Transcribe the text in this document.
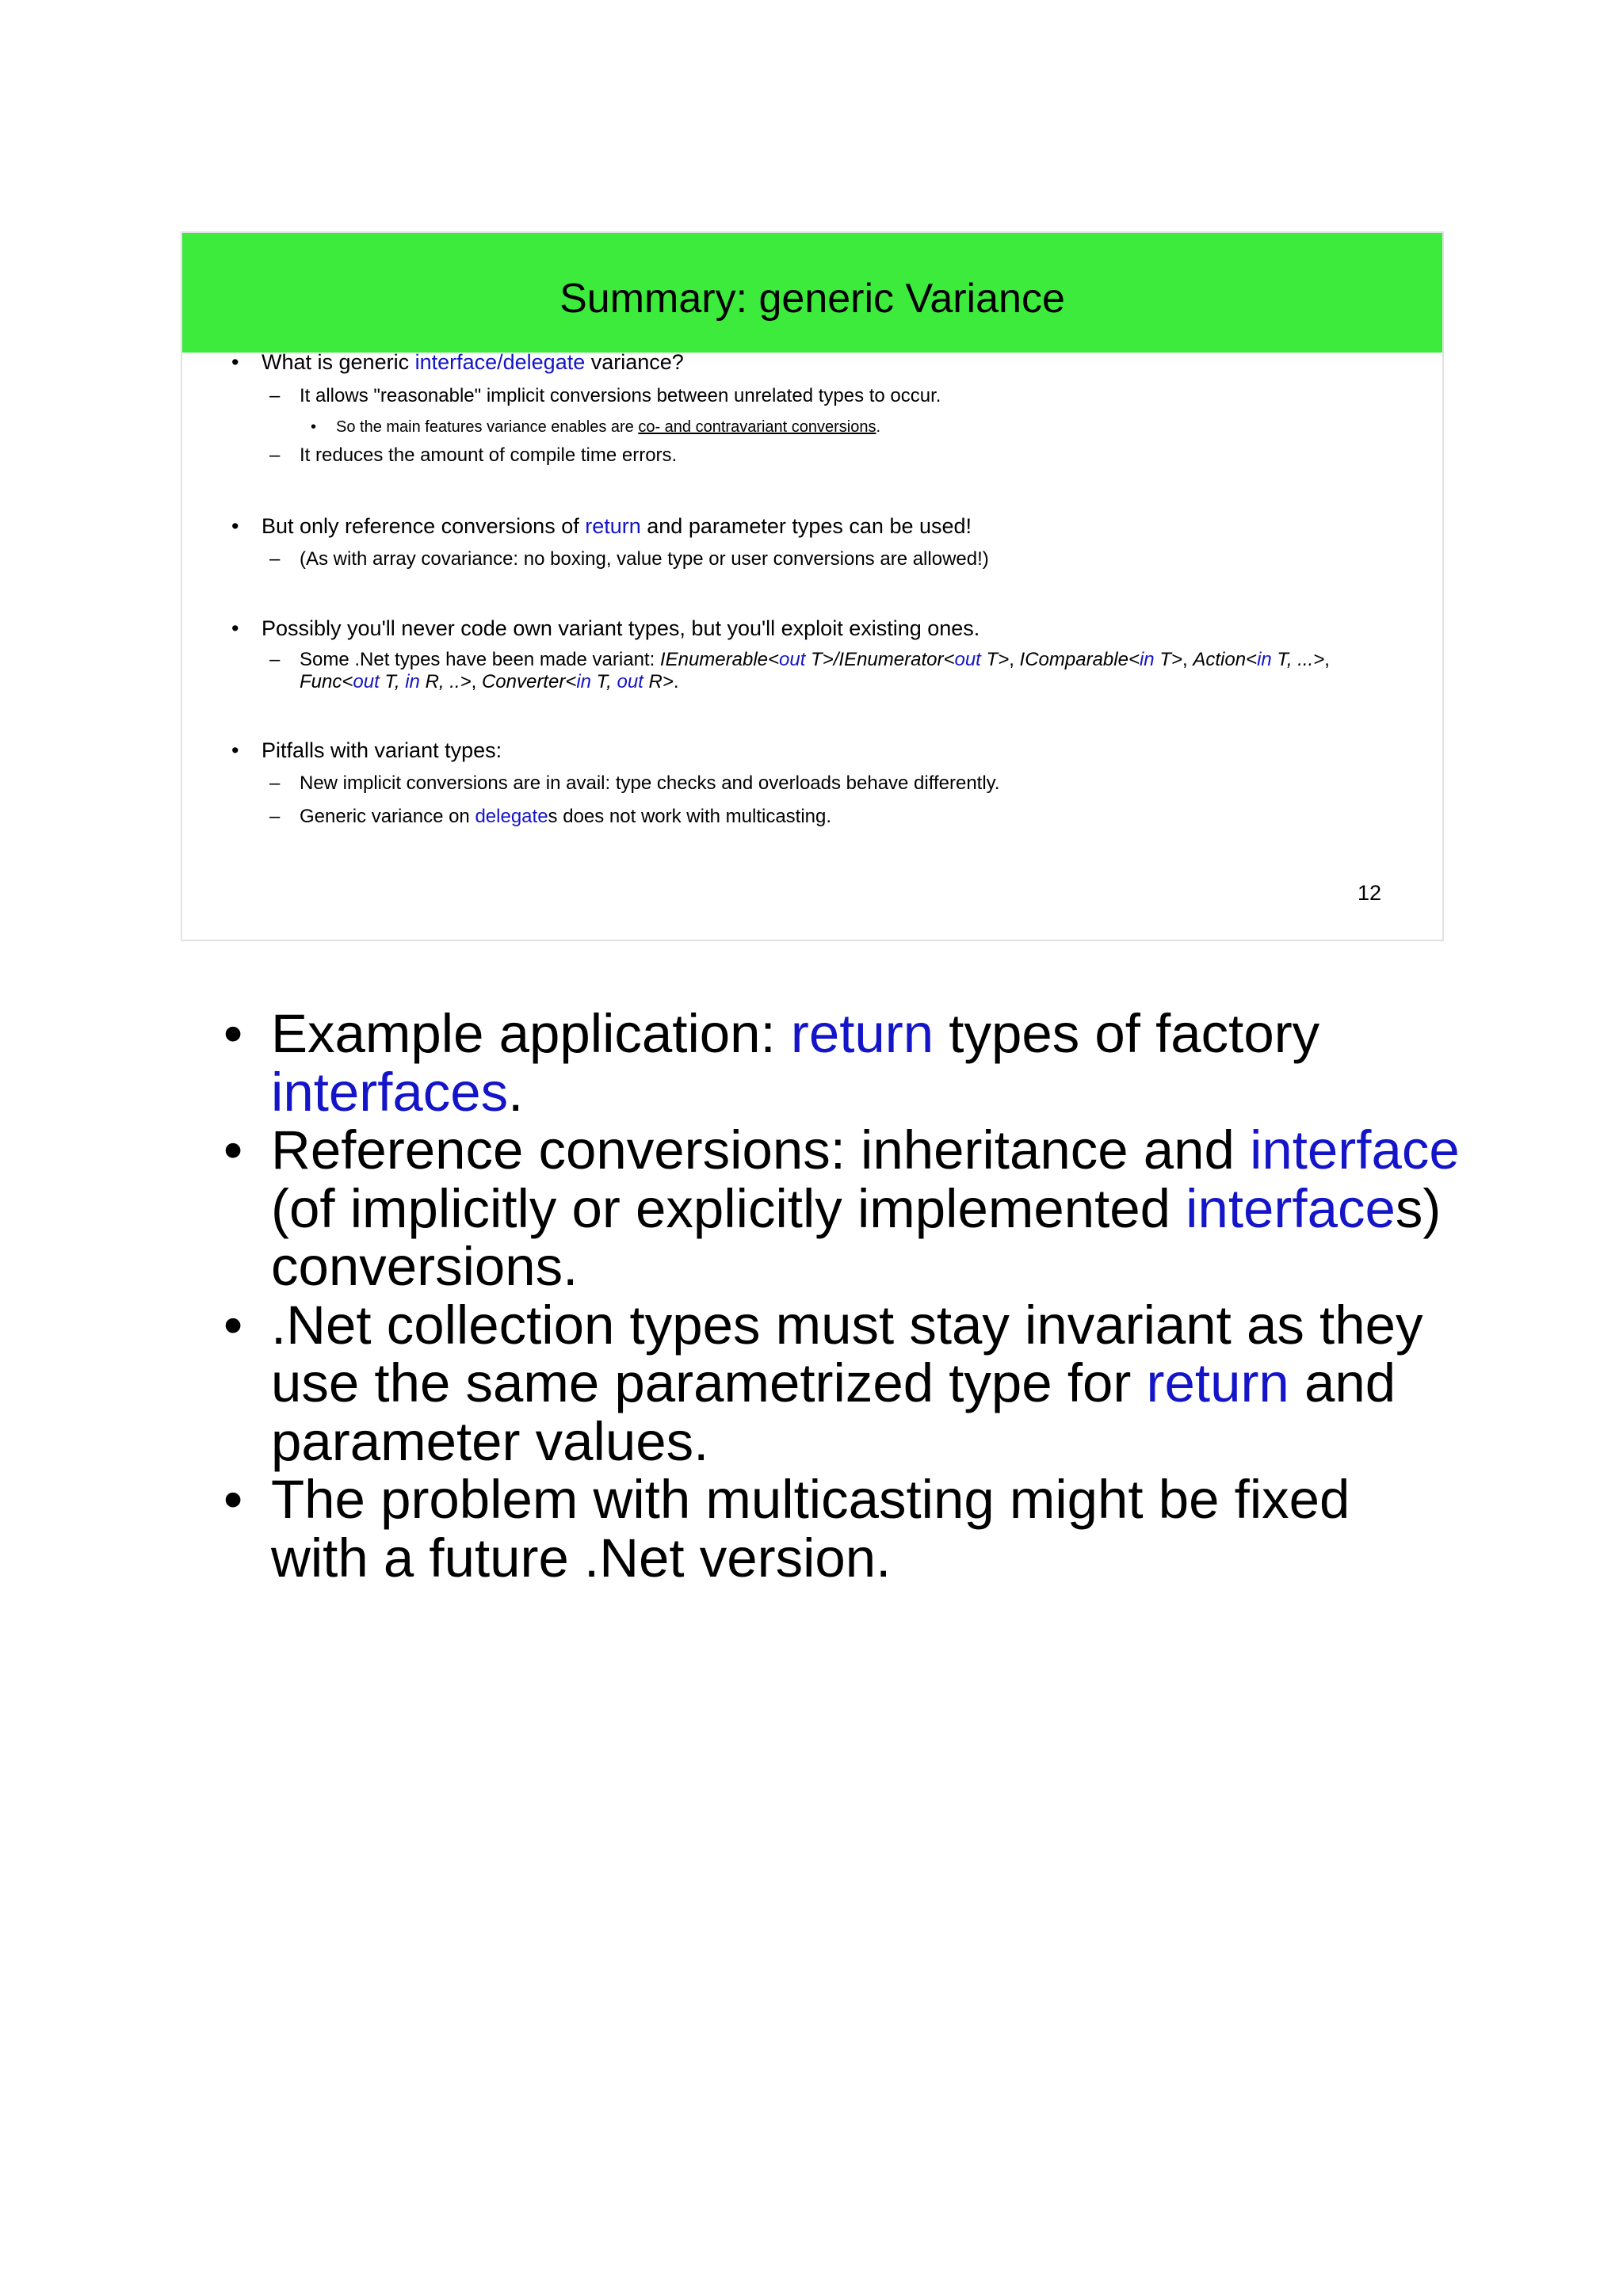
Summary: generic Variance
• What is generic interface/delegate variance?

– It allows "reasonable" implicit conversions between unrelated types to occur.

• So the main features variance enables are co- and contravariant conversions.

– It reduces the amount of compile time errors.

• But only reference conversions of return and parameter types can be used!

– (As with array covariance: no boxing, value type or user conversions are allowed!)

• Possibly you'll never code own variant types, but you'll exploit existing ones.

– Some .Net types have been made variant: IEnumerable<out T>/IEnumerator<out T>, IComparable<in T>, Action<in T, ...>,

Func<out T, in R, ..>, Converter<in T, out R>.

• Pitfalls with variant types:

– New implicit conversions are in avail: type checks and overloads behave differently.

– Generic variance on delegates does not work with multicasting.

12
• Example application: return types of factory interfaces.
• Reference conversions: inheritance and interface (of implicitly or explicitly implemented interfaces) conversions.
• .Net collection types must stay invariant as they use the same parametrized type for return and parameter values.
• The problem with multicasting might be fixed with a future .Net version.
